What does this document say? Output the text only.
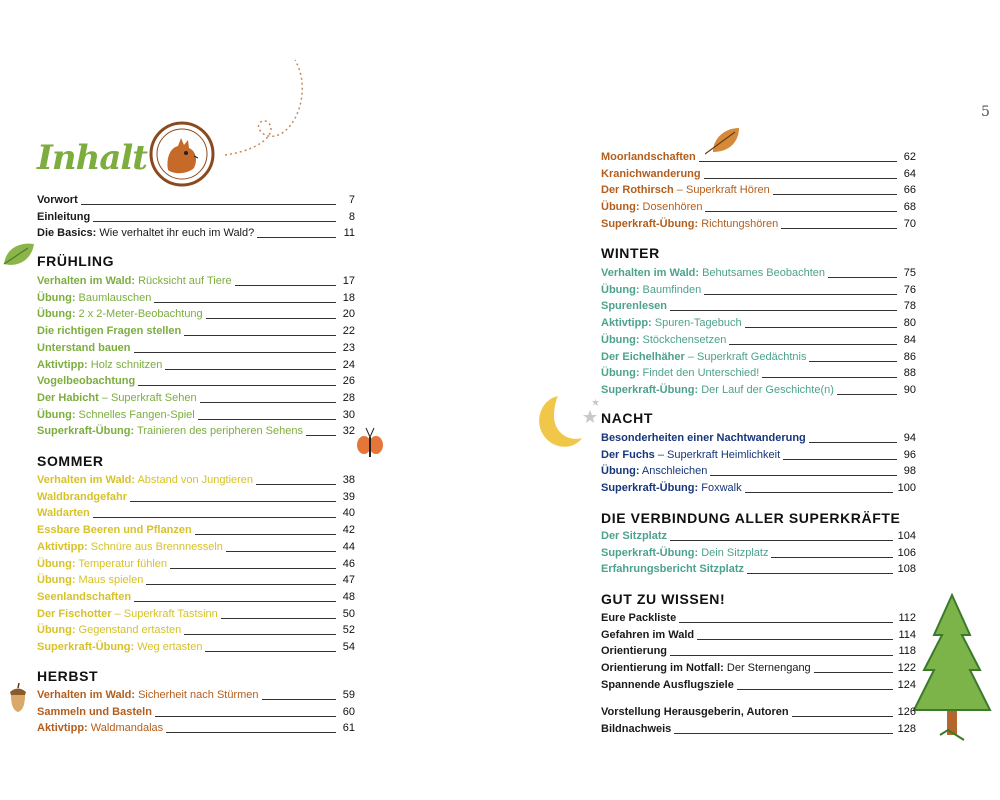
Inhalt
5
Vorwort	7
Einleitung	8
Die Basics: Wie verhaltet ihr euch im Wald?	11
FRÜHLING
Verhalten im Wald: Rücksicht auf Tiere	17
Übung: Baumlauschen	18
Übung: 2 x 2-Meter-Beobachtung	20
Die richtigen Fragen stellen	22
Unterstand bauen	23
Aktivtipp: Holz schnitzen	24
Vogelbeobachtung	26
Der Habicht – Superkraft Sehen	28
Übung: Schnelles Fangen-Spiel	30
Superkraft-Übung: Trainieren des peripheren Sehens	32
SOMMER
Verhalten im Wald: Abstand von Jungtieren	38
Waldbrandgefahr	39
Waldarten	40
Essbare Beeren und Pflanzen	42
Aktivtipp: Schnüre aus Brennnesseln	44
Übung: Temperatur fühlen	46
Übung: Maus spielen	47
Seenlandschaften	48
Der Fischotter – Superkraft Tastsinn	50
Übung: Gegenstand ertasten	52
Superkraft-Übung: Weg ertasten	54
HERBST
Verhalten im Wald: Sicherheit nach Stürmen	59
Sammeln und Basteln	60
Aktivtipp: Waldmandalas	61
Moorlandschaften	62
Kranichwanderung	64
Der Rothirsch – Superkraft Hören	66
Übung: Dosenhören	68
Superkraft-Übung: Richtungshören	70
WINTER
Verhalten im Wald: Behutsames Beobachten	75
Übung: Baumfinden	76
Spurenlesen	78
Aktivtipp: Spuren-Tagebuch	80
Übung: Stöckchensetzen	84
Der Eichelhäher – Superkraft Gedächtnis	86
Übung: Findet den Unterschied!	88
Superkraft-Übung: Der Lauf der Geschichte(n)	90
NACHT
Besonderheiten einer Nachtwanderung	94
Der Fuchs – Superkraft Heimlichkeit	96
Übung: Anschleichen	98
Superkraft-Übung: Foxwalk	100
DIE VERBINDUNG ALLER SUPERKRÄFTE
Der Sitzplatz	104
Superkraft-Übung: Dein Sitzplatz	106
Erfahrungsbericht Sitzplatz	108
GUT ZU WISSEN!
Eure Packliste	112
Gefahren im Wald	114
Orientierung	118
Orientierung im Notfall: Der Sternengang	122
Spannende Ausflugsziele	124
Vorstellung Herausgeberin, Autoren	126
Bildnachweis	128
